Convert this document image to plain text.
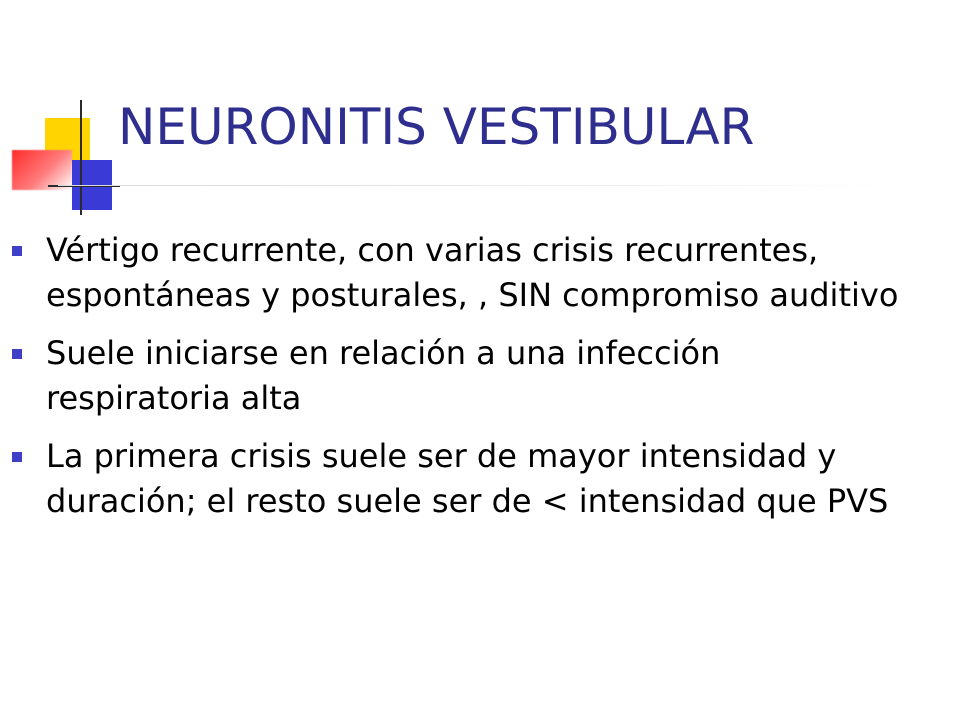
NEURONITIS VESTIBULAR
Vértigo recurrente, con varias crisis recurrentes, espontáneas y posturales, , SIN compromiso auditivo
Suele iniciarse en relación a una infección respiratoria alta
La primera crisis suele ser de mayor intensidad y duración; el resto suele ser de < intensidad que PVS
